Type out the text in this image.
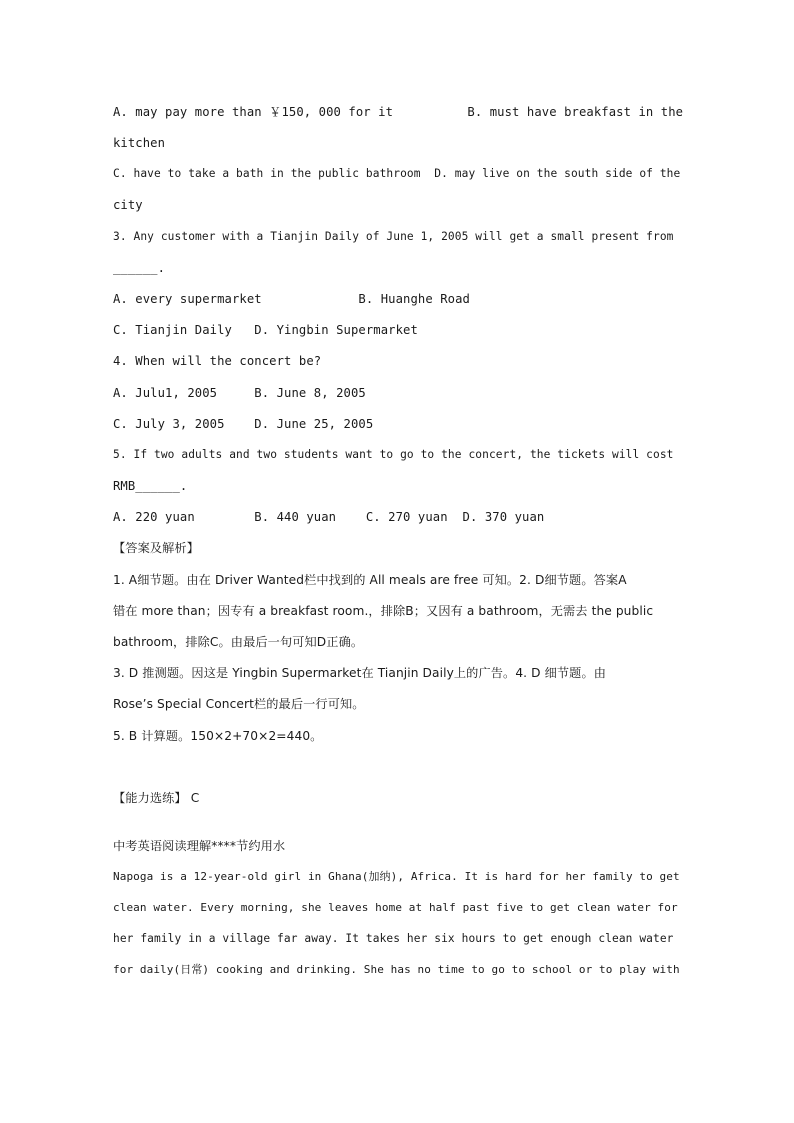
A. may pay more than ￥150, 000 for it          B. must have breakfast in the
kitchen
C. have to take a bath in the public bathroom  D. may live on the south side of the
city
3. Any customer with a Tianjin Daily of June 1, 2005 will get a small present from
______.
A. every supermarket             B. Huanghe Road
C. Tianjin Daily   D. Yingbin Supermarket
4. When will the concert be?
A. Julu1, 2005     B. June 8, 2005
C. July 3, 2005    D. June 25, 2005
5. If two adults and two students want to go to the concert, the tickets will cost
RMB______.
A. 220 yuan        B. 440 yuan    C. 270 yuan  D. 370 yuan
【答案及解析】
1. A细节题。由在 Driver Wanted栏中找到的 All meals are free 可知。2. D细节题。答案A
错在 more than；因专有 a breakfast room.，排除B；又因有 a bathroom，无需去 the public
bathroom，排除C。由最后一句可知D正确。
3. D 推测题。因这是 Yingbin Supermarket在 Tianjin Daily上的广告。4. D 细节题。由
Rose’s Special Concert栏的最后一行可知。
5. B 计算题。150×2+70×2=440。
【能力选练】 C
中考英语阅读理解****节约用水
Napoga is a 12-year-old girl in Ghana(加纳), Africa. It is hard for her family to get
clean water. Every morning, she leaves home at half past five to get clean water for
her family in a village far away. It takes her six hours to get enough clean water
for daily(日常) cooking and drinking. She has no time to go to school or to play with
